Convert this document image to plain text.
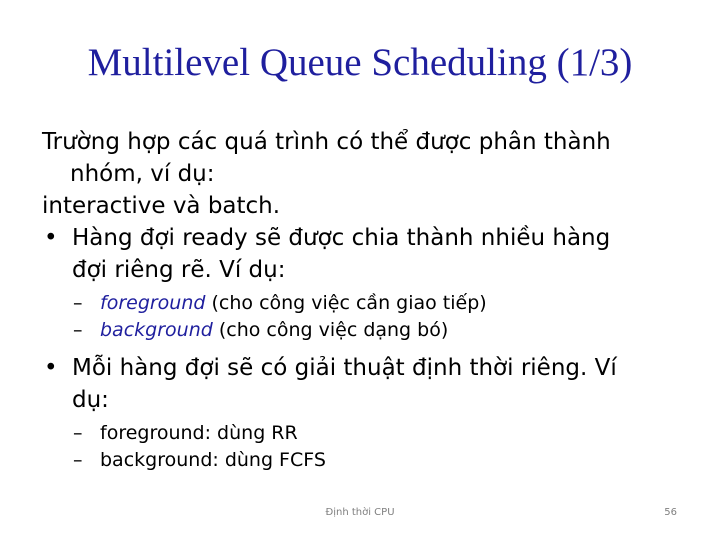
Multilevel Queue Scheduling (1/3)
Trường hợp các quá trình có thể được phân thành
nhóm, ví dụ:
interactive và batch.
• Hàng đợi ready sẽ được chia thành nhiều hàng
đợi riêng rẽ. Ví dụ:
– foreground (cho công việc cần giao tiếp)
– background (cho công việc dạng bó)
• Mỗi hàng đợi sẽ có giải thuật định thời riêng. Ví
dụ:
– foreground: dùng RR
– background: dùng FCFS
Định thời CPU	56
